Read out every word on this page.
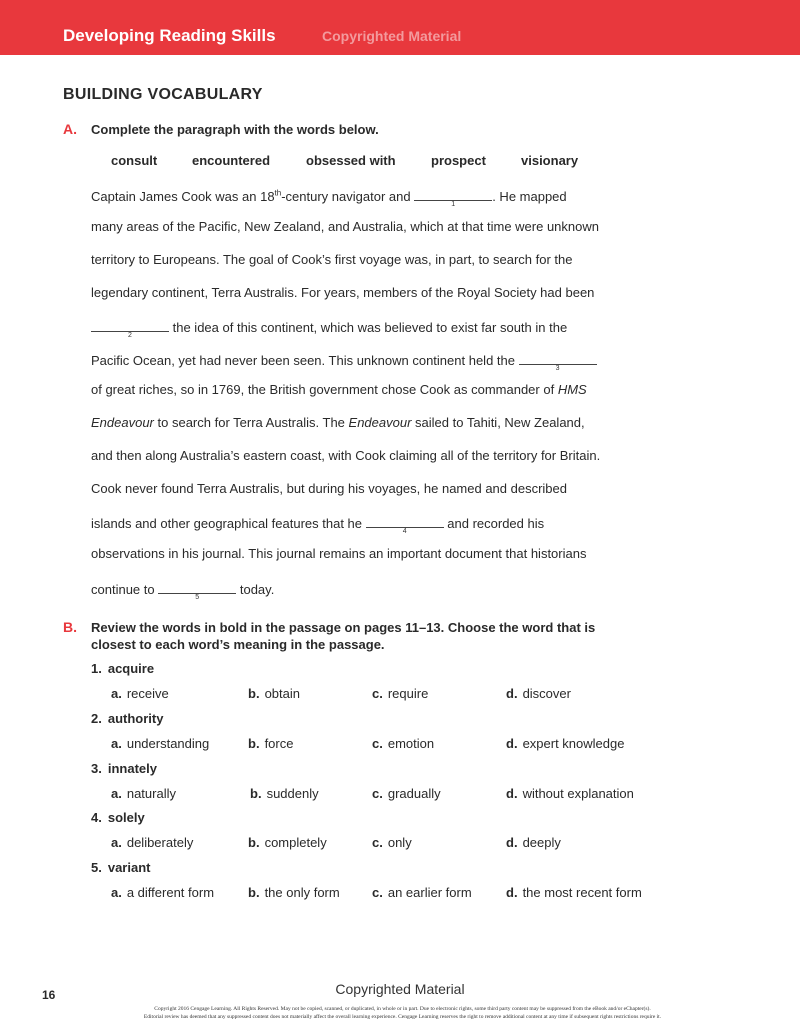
Developing Reading Skills	Copyrighted Material
BUILDING VOCABULARY
A. Complete the paragraph with the words below.
consult	encountered	obsessed with	prospect	visionary
Captain James Cook was an 18th-century navigator and
1
. He mapped
many areas of the Pacific, New Zealand, and Australia, which at that time were unknown
territory to Europeans. The goal of Cook’s first voyage was, in part, to search for the
legendary continent, Terra Australis. For years, members of the Royal Society had been
2
the idea of this continent, which was believed to exist far south in the
Pacific Ocean, yet had never been seen. This unknown continent held the
3
of great riches, so in 1769, the British government chose Cook as commander of HMS
Endeavour to search for Terra Australis. The Endeavour sailed to Tahiti, New Zealand,
and then along Australia’s eastern coast, with Cook claiming all of the territory for Britain.
Cook never found Terra Australis, but during his voyages, he named and described
islands and other geographical features that he
4
and recorded his
observations in his journal. This journal remains an important document that historians
continue to
5
today.
B. Review the words in bold in the passage on pages 11–13. Choose the word that is
closest to each word’s meaning in the passage.
1. acquire
a. receive	b. obtain	c. require	d. discover
2. authority
a. understanding	b. force	c. emotion	d. expert knowledge
3. innately
a. naturally	b. suddenly	c. gradually	d. without explanation
4. solely
a. deliberately	b. completely	c. only	d. deeply
5. variant
a. a different form	b. the only form c. an earlier form	d. the most recent form
16	Copyrighted Material
Copyright 2016 Cengage Learning. All Rights Reserved. May not be copied, scanned, or duplicated, in whole or in part. Due to electronic rights, some third party content may be suppressed from the eBook and/or eChapter(s).
Editorial review has deemed that any suppressed content does not materially affect the overall learning experience. Cengage Learning reserves the right to remove additional content at any time if subsequent rights restrictions require it.
